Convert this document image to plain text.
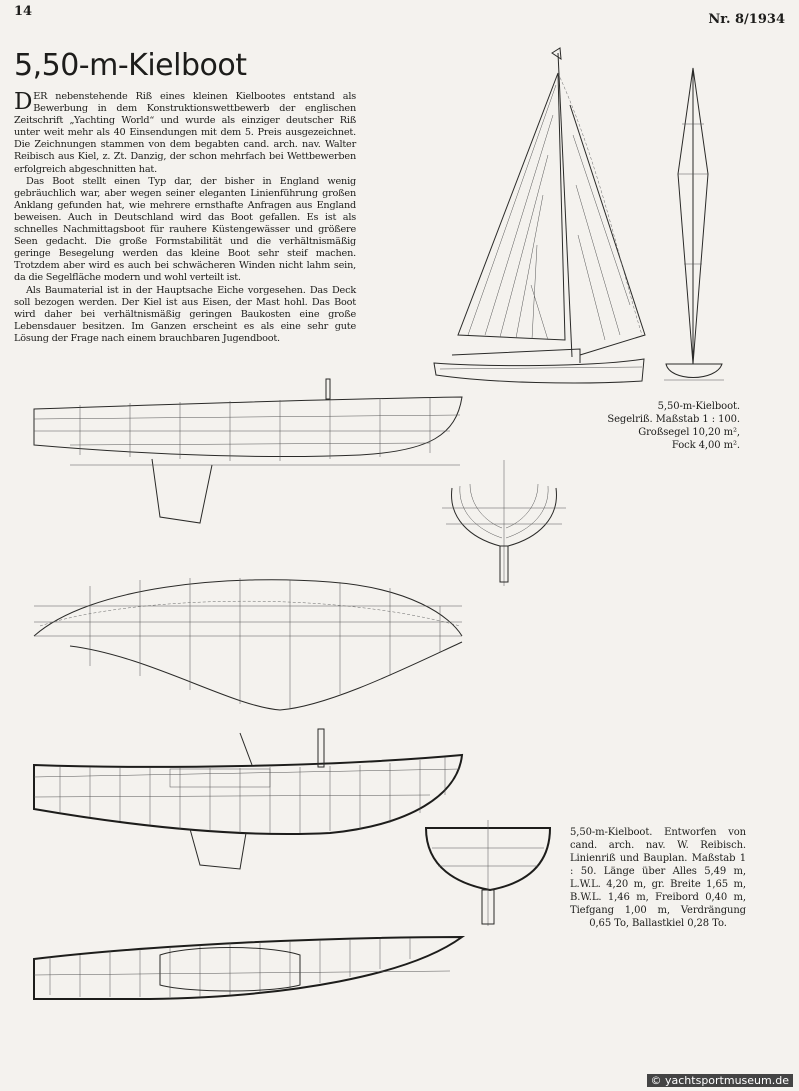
14
Nr. 8/1934
5,50-m-Kielboot

DER nebenstehende Riß eines kleinen Kielbootes entstand als Bewerbung in dem Konstruktionswettbewerb der englischen Zeitschrift „Yachting World“ und wurde als einziger deutscher Riß unter weit mehr als 40 Einsendungen mit dem 5. Preis ausgezeichnet. Die Zeichnungen stammen von dem begabten cand. arch. nav. Walter Reibisch aus Kiel, z. Zt. Danzig, der schon mehrfach bei Wettbewerben erfolgreich abgeschnitten hat.

Das Boot stellt einen Typ dar, der bisher in England wenig gebräuchlich war, aber wegen seiner eleganten Linienführung großen Anklang gefunden hat, wie mehrere ernsthafte Anfragen aus England beweisen. Auch in Deutschland wird das Boot gefallen. Es ist als schnelles Nachmittagsboot für rauhere Küstengewässer und größere Seen gedacht. Die große Formstabilität und die verhältnismäßig geringe Besegelung werden das kleine Boot sehr steif machen. Trotzdem aber wird es auch bei schwächeren Winden nicht lahm sein, da die Segelfläche modern und wohl verteilt ist.

Als Baumaterial ist in der Hauptsache Eiche vorgesehen. Das Deck soll bezogen werden. Der Kiel ist aus Eisen, der Mast hohl. Das Boot wird daher bei verhältnismäßig geringen Baukosten eine große Lebensdauer besitzen. Im Ganzen erscheint es als eine sehr gute Lösung der Frage nach einem brauchbaren Jugendboot.

5,50-m-Kielboot.
Segelriß. Maßstab 1 : 100.
Großsegel 10,20 m²,
Fock 4,00 m².
5,50-m-Kielboot. Entworfen von cand. arch. nav. W. Reibisch. Linienriß und Bauplan. Maßstab 1 : 50. Länge über Alles 5,49 m, L.W.L. 4,20 m, gr. Breite 1,65 m, B.W.L. 1,46 m, Freibord 0,40 m, Tiefgang 1,00 m, Verdrängung 0,65 To, Ballastkiel 0,28 To.
© yachtsportmuseum.de
